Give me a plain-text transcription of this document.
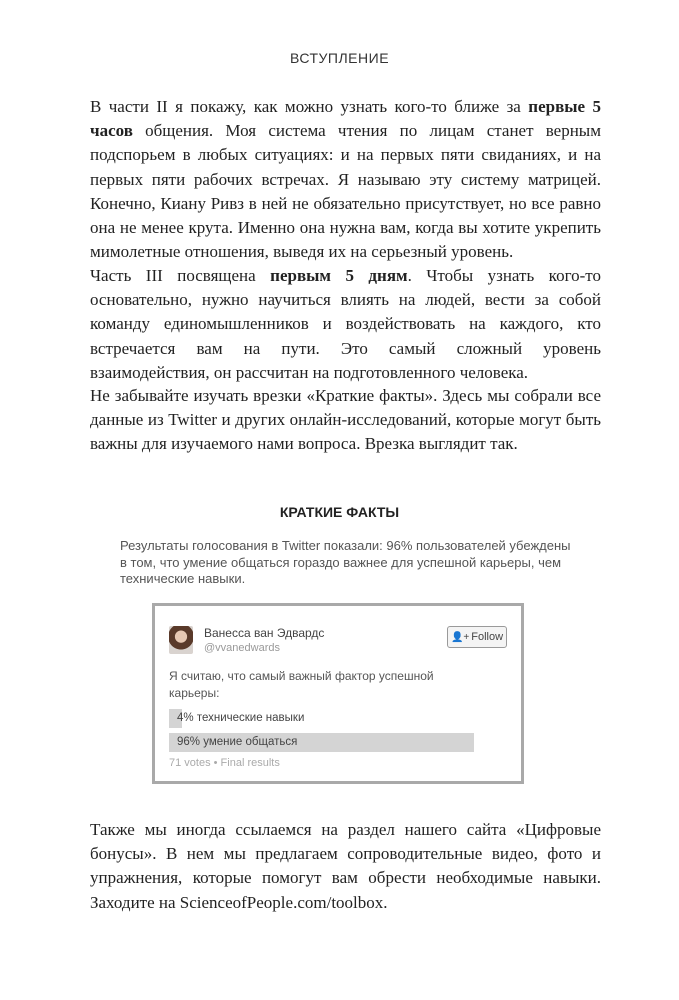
ВСТУПЛЕНИЕ

В части II я покажу, как можно узнать кого-то ближе за первые 5 часов общения. Моя система чтения по лицам станет верным подспорьем в любых ситуациях: и на первых пяти свиданиях, и на первых пяти рабочих встречах. Я называю эту систему матрицей. Конечно, Киану Ривз в ней не обязательно присутствует, но все равно она не менее крута. Именно она нужна вам, когда вы хотите укрепить мимолетные отношения, выведя их на серьезный уровень.

Часть III посвящена первым 5 дням. Чтобы узнать кого-то основательно, нужно научиться влиять на людей, вести за собой команду единомышленников и воздействовать на каждого, кто встречается вам на пути. Это самый сложный уровень взаимодействия, он рассчитан на подготовленного человека.

Не забывайте изучать врезки «Краткие факты». Здесь мы собрали все данные из Twitter и других онлайн-исследований, которые могут быть важны для изучаемого нами вопроса. Врезка выглядит так.

КРАТКИЕ ФАКТЫ
Результаты голосования в Twitter показали: 96% пользователей убеждены в том, что умение общаться гораздо важнее для успешной карьеры, чем технические навыки.
Ванесса ван Эдвардс
@vvanedwards
👤+ Follow
Я считаю, что самый важный фактор успешной карьеры:
4% технические навыки
96% умение общаться
71 votes • Final results

Также мы иногда ссылаемся на раздел нашего сайта «Цифровые бонусы». В нем мы предлагаем сопроводительные видео, фото и упражнения, которые помогут вам обрести необходимые навыки. Заходите на ScienceofPeople.com/toolbox.
